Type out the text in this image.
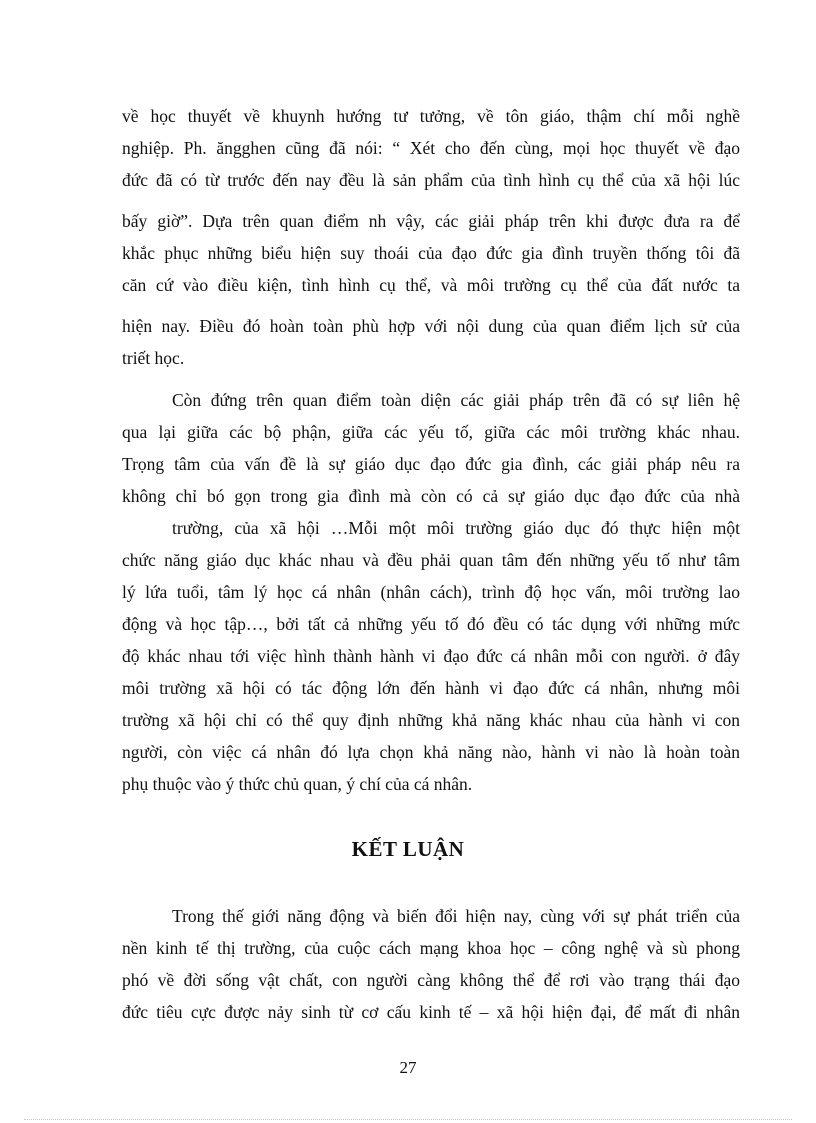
về học thuyết về khuynh hướng tư tưởng, về tôn giáo, thậm chí mỗi nghề
nghiệp. Ph. ăngghen cũng đã nói: “ Xét cho đến cùng, mọi học thuyết về đạo
đức đã có từ trước đến nay đều là sản phẩm của tình hình cụ thể của xã hội lúc
bấy giờ”. Dựa trên quan điểm nh vậy, các giải pháp trên khi được đưa ra để
khắc phục những biểu hiện suy thoái của đạo đức gia đình truyền thống tôi đã
căn cứ vào điều kiện, tình hình cụ thể, và môi trường cụ thể của đất nước ta
hiện nay. Điều đó hoàn toàn phù hợp với nội dung của quan điểm lịch sử của
triết học.
Còn đứng trên quan điểm toàn diện các giải pháp trên đã có sự liên hệ
qua lại giữa các bộ phận, giữa các yếu tố, giữa các môi trường khác nhau.
Trọng tâm của vấn đề là sự giáo dục đạo đức gia đình, các giải pháp nêu ra
không chỉ bó gọn trong gia đình mà còn có cả sự giáo dục đạo đức của nhà
trường, của xã hội …Mỗi một môi trường giáo dục đó thực hiện một
chức năng giáo dục khác nhau và đều phải quan tâm đến những yếu tố như tâm
lý lứa tuổi, tâm lý học cá nhân (nhân cách), trình độ học vấn, môi trường lao
động và học tập…, bởi tất cả những yếu tố đó đều có tác dụng với những mức
độ khác nhau tới việc hình thành hành vi đạo đức cá nhân mỗi con người. ở đây
môi trường xã hội có tác động lớn đến hành vi đạo đức cá nhân, nhưng môi
trường xã hội chỉ có thể quy định những khả năng khác nhau của hành vi con
người, còn việc cá nhân đó lựa chọn khả năng nào, hành vi nào là hoàn toàn
phụ thuộc vào ý thức chủ quan, ý chí của cá nhân.
KẾT LUẬN
Trong thế giới năng động và biến đổi hiện nay, cùng với sự phát triển của
nền kinh tế thị trường, của cuộc cách mạng khoa học – công nghệ và sù phong
phó về đời sống vật chất, con người càng không thể để rơi vào trạng thái đạo
đức tiêu cực được nảy sinh từ cơ cấu kinh tế – xã hội hiện đại, để mất đi nhân
27
